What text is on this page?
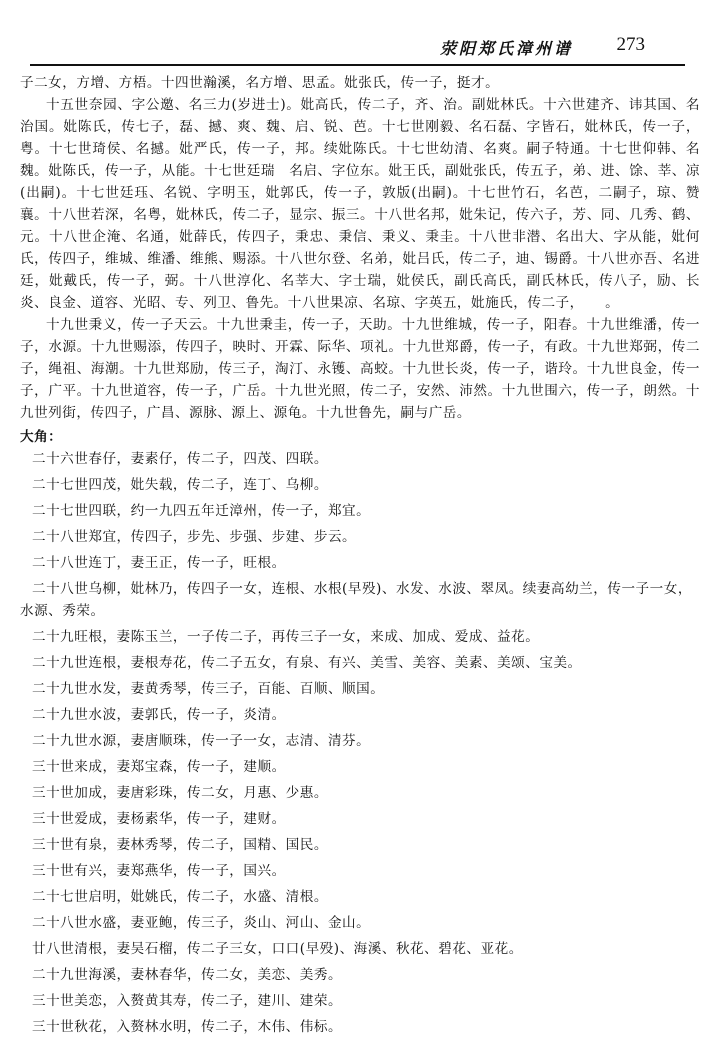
荥阳郑氏漳州谱 273

子二女，方增、方梧。十四世瀚溪，名方增、思孟。妣张氏，传一子，挺才。

十五世奈园、字公邀、名三力(岁进士)。妣高氏，传二子，齐、治。副妣林氏。十六世建齐、讳其国、名治国。妣陈氏，传七子，磊、撼、爽、魏、启、锐、芭。十七世刚毅、名石磊、字皆石，妣林氏，传一子，粤。十七世琦侯、名撼。妣严氏，传一子，邦。续妣陈氏。十七世幼清、名爽。嗣子特通。十七世仰韩、名魏。妣陈氏，传一子，从能。十七世廷瑞　名启、字位东。妣王氏，副妣张氏，传五子，弟、进、馀、莘、凉(出嗣)。十七世廷珏、名锐、字明玉，妣郭氏，传一子，敦版(出嗣)。十七世竹石，名芭，二嗣子，琼、赞襄。十八世若深，名粤，妣林氏，传二子，显宗、振三。十八世名邦，妣朱记，传六子，芳、同、几秀、鹤、元。十八世企淹、名通，妣薛氏，传四子，秉忠、秉信、秉义、秉圭。十八世非潜、名出大、字从能，妣何氏，传四子，维城、维潘、维熊、赐添。十八世尔登、名弟，妣吕氏，传二子，迪、锡爵。十八世亦吾、名进廷，妣戴氏，传一子，弼。十八世淳化、名莘大、字士瑞，妣侯氏，副氏高氏，副氏林氏，传八子，励、长炎、良金、道容、光昭、专、列卫、鲁先。十八世果凉、名琼、字英五，妣施氏，传二子，　　。

十九世秉义，传一子天云。十九世秉圭，传一子，天助。十九世维城，传一子，阳春。十九世维潘，传一子，水源。十九世赐添，传四子，映时、开霖、际华、项礼。十九世郑爵，传一子，有政。十九世郑弼，传二子，绳祖、海潮。十九世郑励，传三子，淘汀、永镬、高蛟。十九世长炎，传一子，谐玲。十九世良金，传一子，广平。十九世道容，传一子，广岳。十九世光照，传二子，安然、沛然。十九世围六，传一子，朗然。十九世列街，传四子，广昌、源脉、源上、源龟。十九世鲁先，嗣与广岳。

大角：

二十六世春仔，妻素仔，传二子，四茂、四联。
二十七世四茂，妣失载，传二子，连丁、乌柳。
二十七世四联，约一九四五年迁漳州，传一子，郑宜。
二十八世郑宜，传四子，步先、步强、步建、步云。
二十八世连丁，妻王正，传一子，旺根。
二十八世乌柳，妣林乃，传四子一女，连根、水根(早殁)、水发、水波、翠凤。续妻高幼兰，传一子一女，水源、秀荣。
二十九旺根，妻陈玉兰，一子传二子，再传三子一女，来成、加成、爱成、益花。
二十九世连根，妻根寿花，传二子五女，有泉、有兴、美雪、美容、美素、美颂、宝美。
二十九世水发，妻黄秀琴，传三子，百能、百顺、顺国。
二十九世水波，妻郭氏，传一子，炎清。
二十九世水源，妻唐顺珠，传一子一女，志清、清芬。
三十世来成，妻郑宝森，传一子，建顺。
三十世加成，妻唐彩珠，传二女，月惠、少惠。
三十世爱成，妻杨素华，传一子，建财。
三十世有泉，妻林秀琴，传二子，国精、国民。
三十世有兴，妻郑燕华，传一子，国兴。
二十七世启明，妣姚氏，传二子，水盛、清根。
二十八世水盛，妻亚鲍，传三子，炎山、河山、金山。
廿八世清根，妻吴石榴，传二子三女，口口(早殁)、海溪、秋花、碧花、亚花。
二十九世海溪，妻林春华，传二女，美恋、美秀。
三十世美恋，入赘黄其寿，传二子，建川、建荣。
三十世秋花，入赘林水明，传二子，木伟、伟标。
